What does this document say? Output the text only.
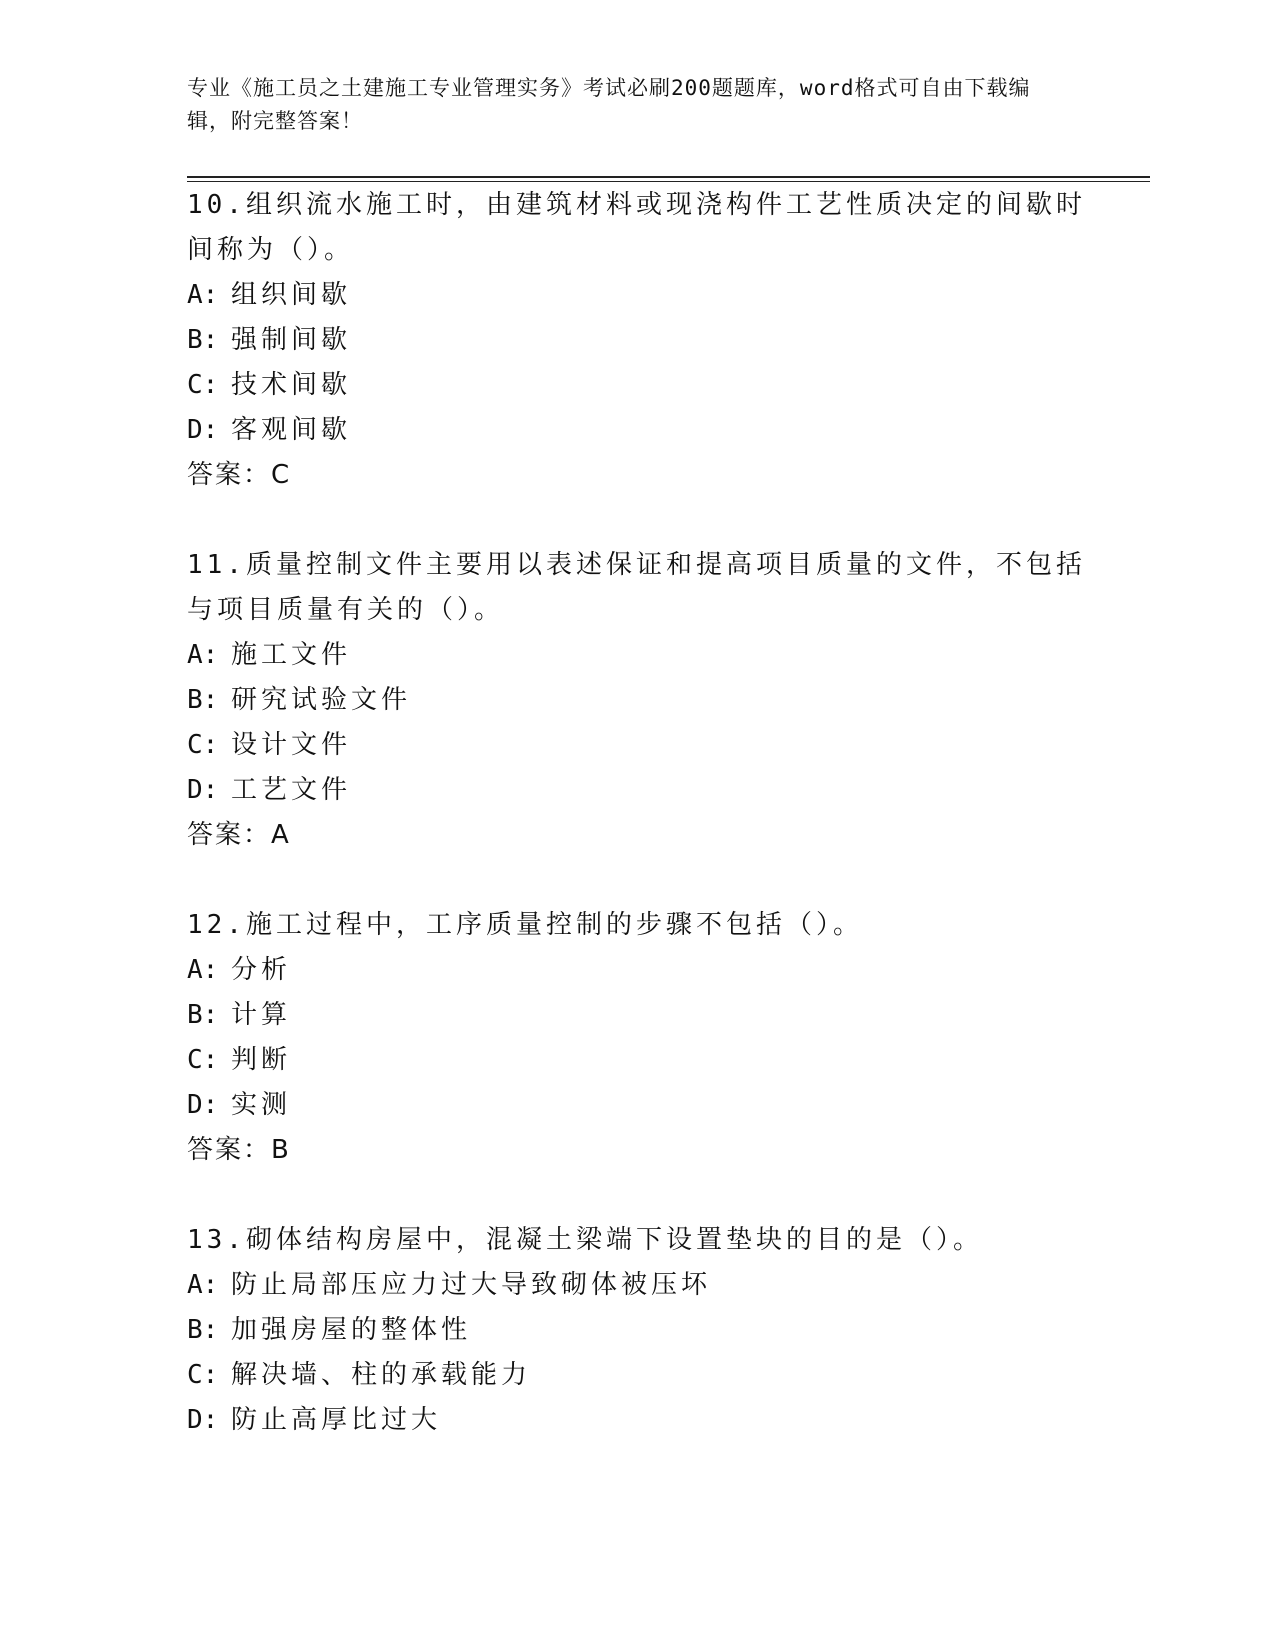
专业《施工员之土建施工专业管理实务》考试必刷200题题库，word格式可自由下载编辑，附完整答案！

10.组织流水施工时，由建筑材料或现浇构件工艺性质决定的间歇时间称为（）。

A: 组织间歇
B: 强制间歇
C: 技术间歇
D: 客观间歇
答案：C

11.质量控制文件主要用以表述保证和提高项目质量的文件，不包括与项目质量有关的（）。

A: 施工文件
B: 研究试验文件
C: 设计文件
D: 工艺文件
答案：A

12.施工过程中，工序质量控制的步骤不包括（）。

A: 分析
B: 计算
C: 判断
D: 实测
答案：B

13.砌体结构房屋中，混凝土梁端下设置垫块的目的是（）。

A: 防止局部压应力过大导致砌体被压坏
B: 加强房屋的整体性
C: 解决墙、柱的承载能力
D: 防止高厚比过大
